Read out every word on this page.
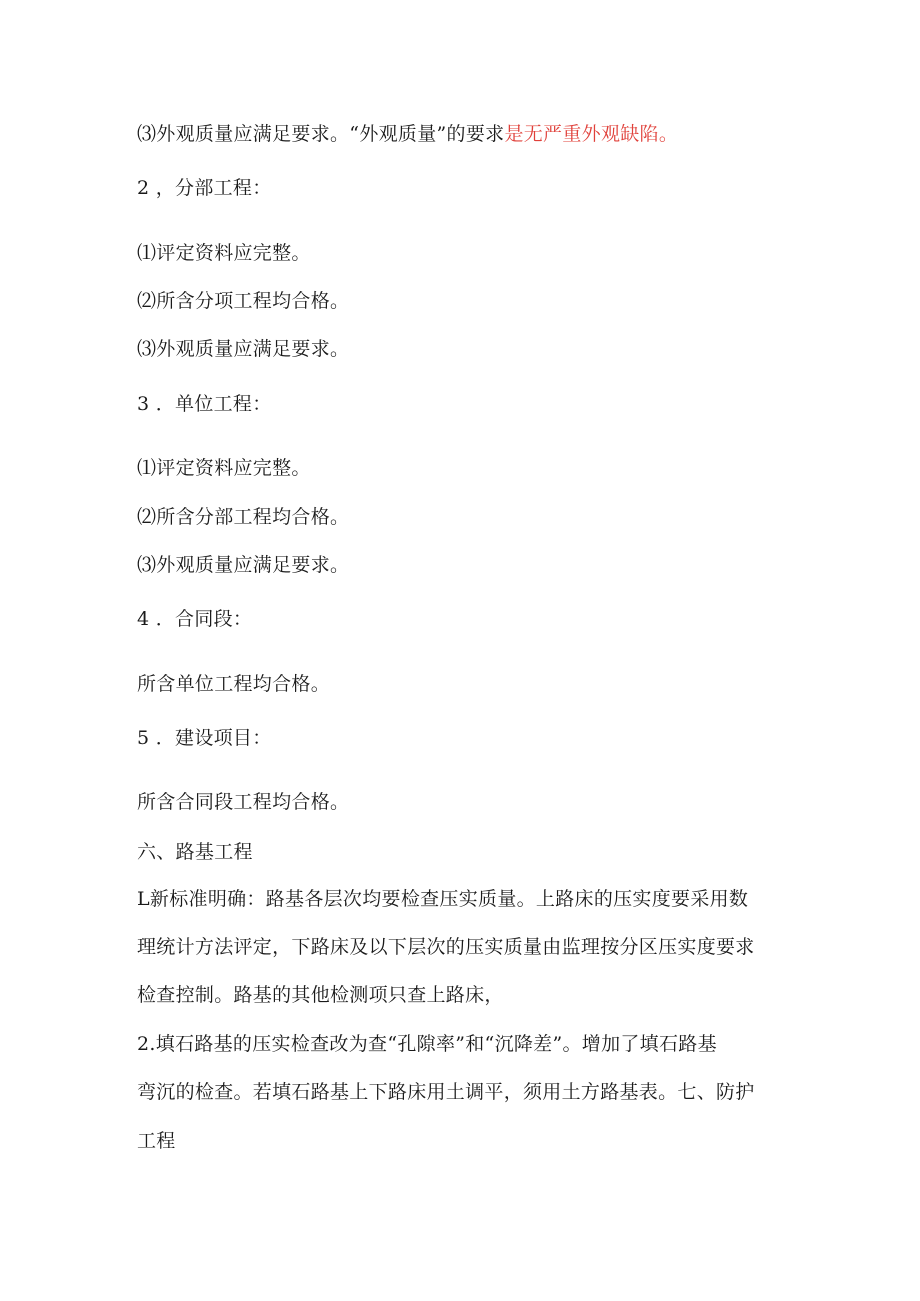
⑶外观质量应满足要求。“外观质量”的要求是无严重外观缺陷。
2 ，分部工程：
⑴评定资料应完整。
⑵所含分项工程均合格。
⑶外观质量应满足要求。
3 ．单位工程：
⑴评定资料应完整。
⑵所含分部工程均合格。
⑶外观质量应满足要求。
4 ．合同段：
所含单位工程均合格。
5 ．建设项目：
所含合同段工程均合格。
六、路基工程
L新标准明确：路基各层次均要检查压实质量。上路床的压实度要采用数
理统计方法评定，下路床及以下层次的压实质量由监理按分区压实度要求
检查控制。路基的其他检测项只查上路床，
2.填石路基的压实检查改为查“孔隙率”和“沉降差”。增加了填石路基
弯沉的检查。若填石路基上下路床用土调平，须用土方路基表。七、防护
工程
